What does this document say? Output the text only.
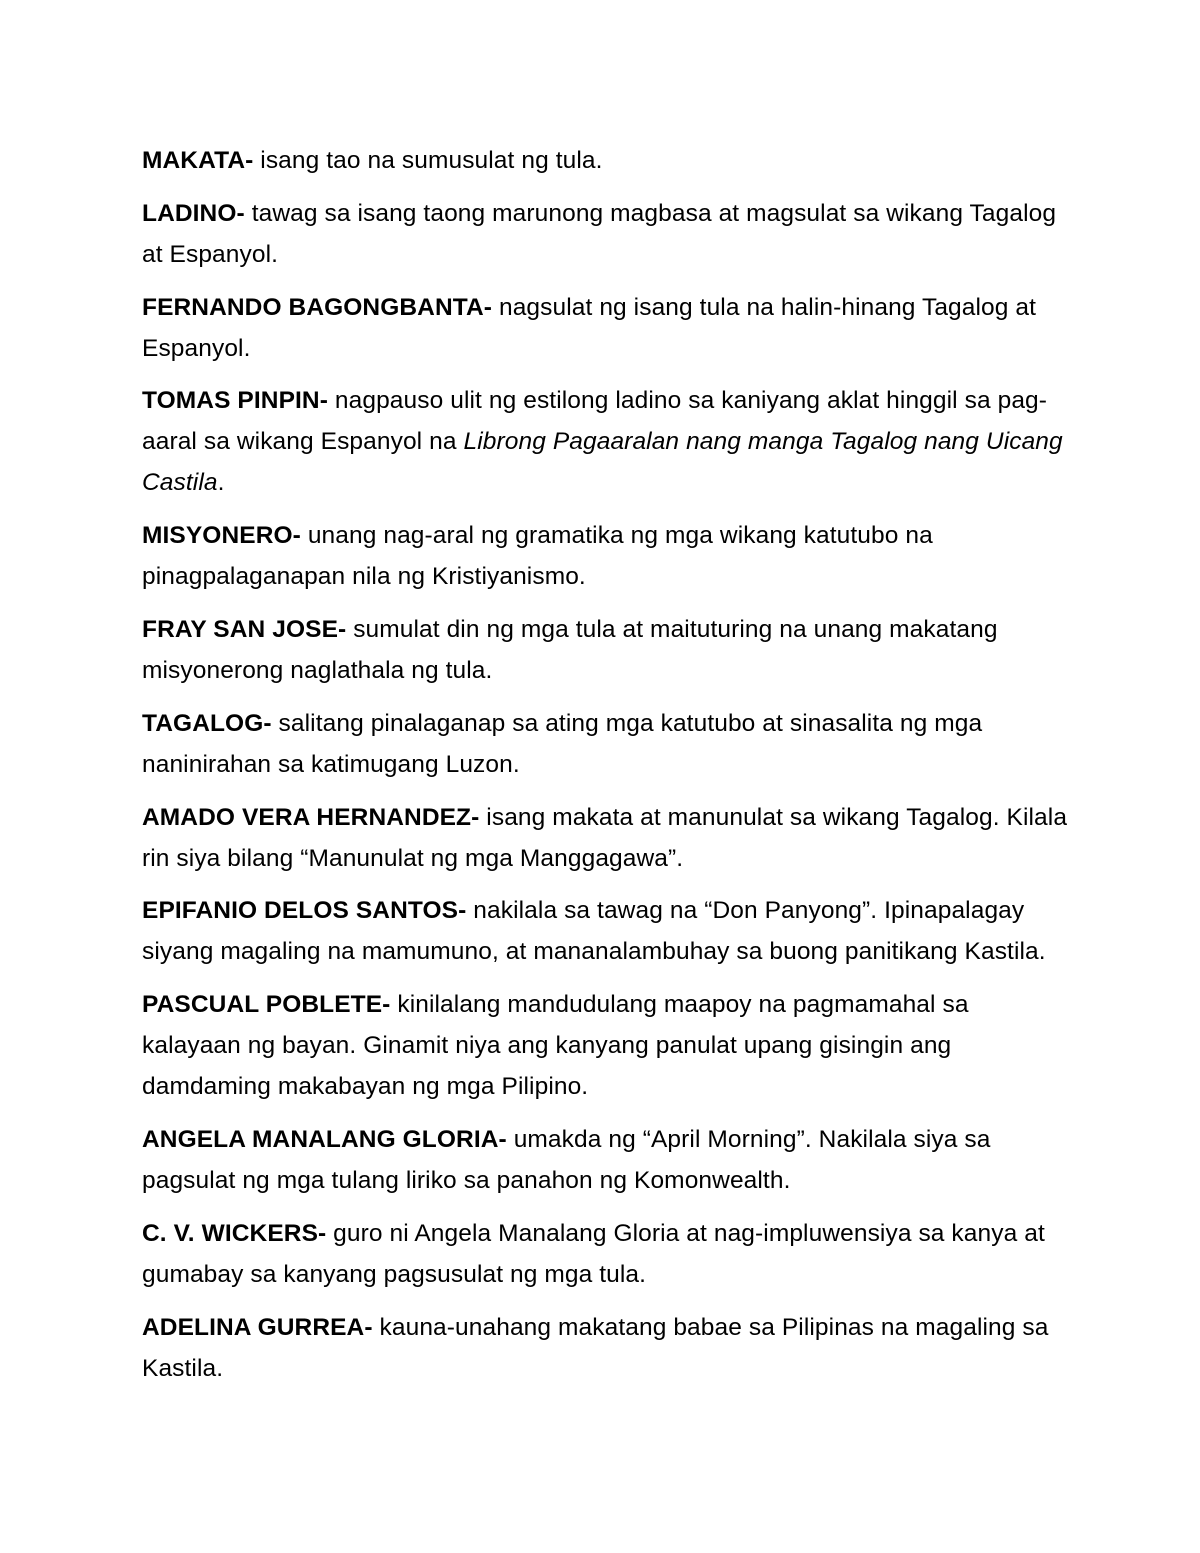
MAKATA- isang tao na sumusulat ng tula.

LADINO- tawag sa isang taong marunong magbasa at magsulat sa wikang Tagalog at Espanyol.

FERNANDO BAGONGBANTA- nagsulat ng isang tula na halin-hinang Tagalog at Espanyol.

TOMAS PINPIN- nagpauso ulit ng estilong ladino sa kaniyang aklat hinggil sa pag-aaral sa wikang Espanyol na Librong Pagaaralan nang manga Tagalog nang Uicang Castila.

MISYONERO- unang nag-aral ng gramatika ng mga wikang katutubo na pinagpalaganapan nila ng Kristiyanismo.

FRAY SAN JOSE- sumulat din ng mga tula at maituturing na unang makatang misyonerong naglathala ng tula.

TAGALOG- salitang pinalaganap sa ating mga katutubo at sinasalita ng mga naninirahan sa katimugang Luzon.

AMADO VERA HERNANDEZ- isang makata at manunulat sa wikang Tagalog. Kilala rin siya bilang “Manunulat ng mga Manggagawa”.

EPIFANIO DELOS SANTOS- nakilala sa tawag na “Don Panyong”. Ipinapalagay siyang magaling na mamumuno, at mananalambuhay sa buong panitikang Kastila.

PASCUAL POBLETE- kinilalang mandudulang maapoy na pagmamahal sa kalayaan ng bayan. Ginamit niya ang kanyang panulat upang gisingin ang damdaming makabayan ng mga Pilipino.

ANGELA MANALANG GLORIA- umakda ng “April Morning”. Nakilala siya sa pagsulat ng mga tulang liriko sa panahon ng Komonwealth.

C. V. WICKERS- guro ni Angela Manalang Gloria at nag-impluwensiya sa kanya at gumabay sa kanyang pagsusulat ng mga tula.

ADELINA GURREA- kauna-unahang makatang babae sa Pilipinas na magaling sa Kastila.
